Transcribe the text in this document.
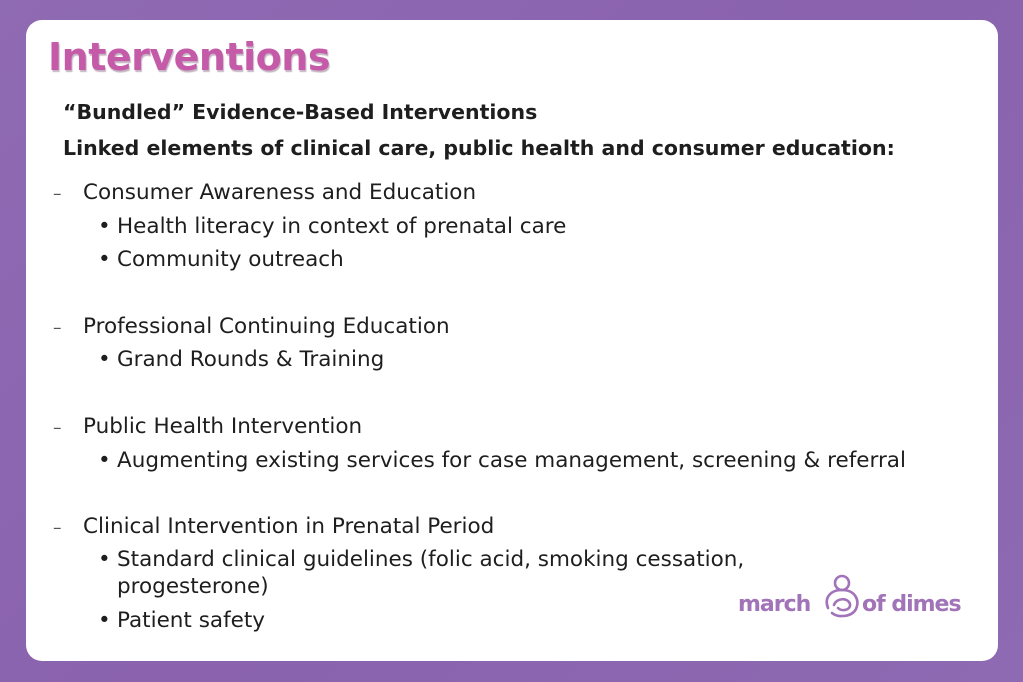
Interventions

“Bundled” Evidence-Based Interventions

Linked elements of clinical care, public health and consumer education:

– Consumer Awareness and Education
• Health literacy in context of prenatal care
• Community outreach
– Professional Continuing Education
• Grand Rounds & Training
– Public Health Intervention
• Augmenting existing services for case management, screening & referral
– Clinical Intervention in Prenatal Period
• Standard clinical guidelines (folic acid, smoking cessation, progesterone)
• Patient safety
march of dimes
